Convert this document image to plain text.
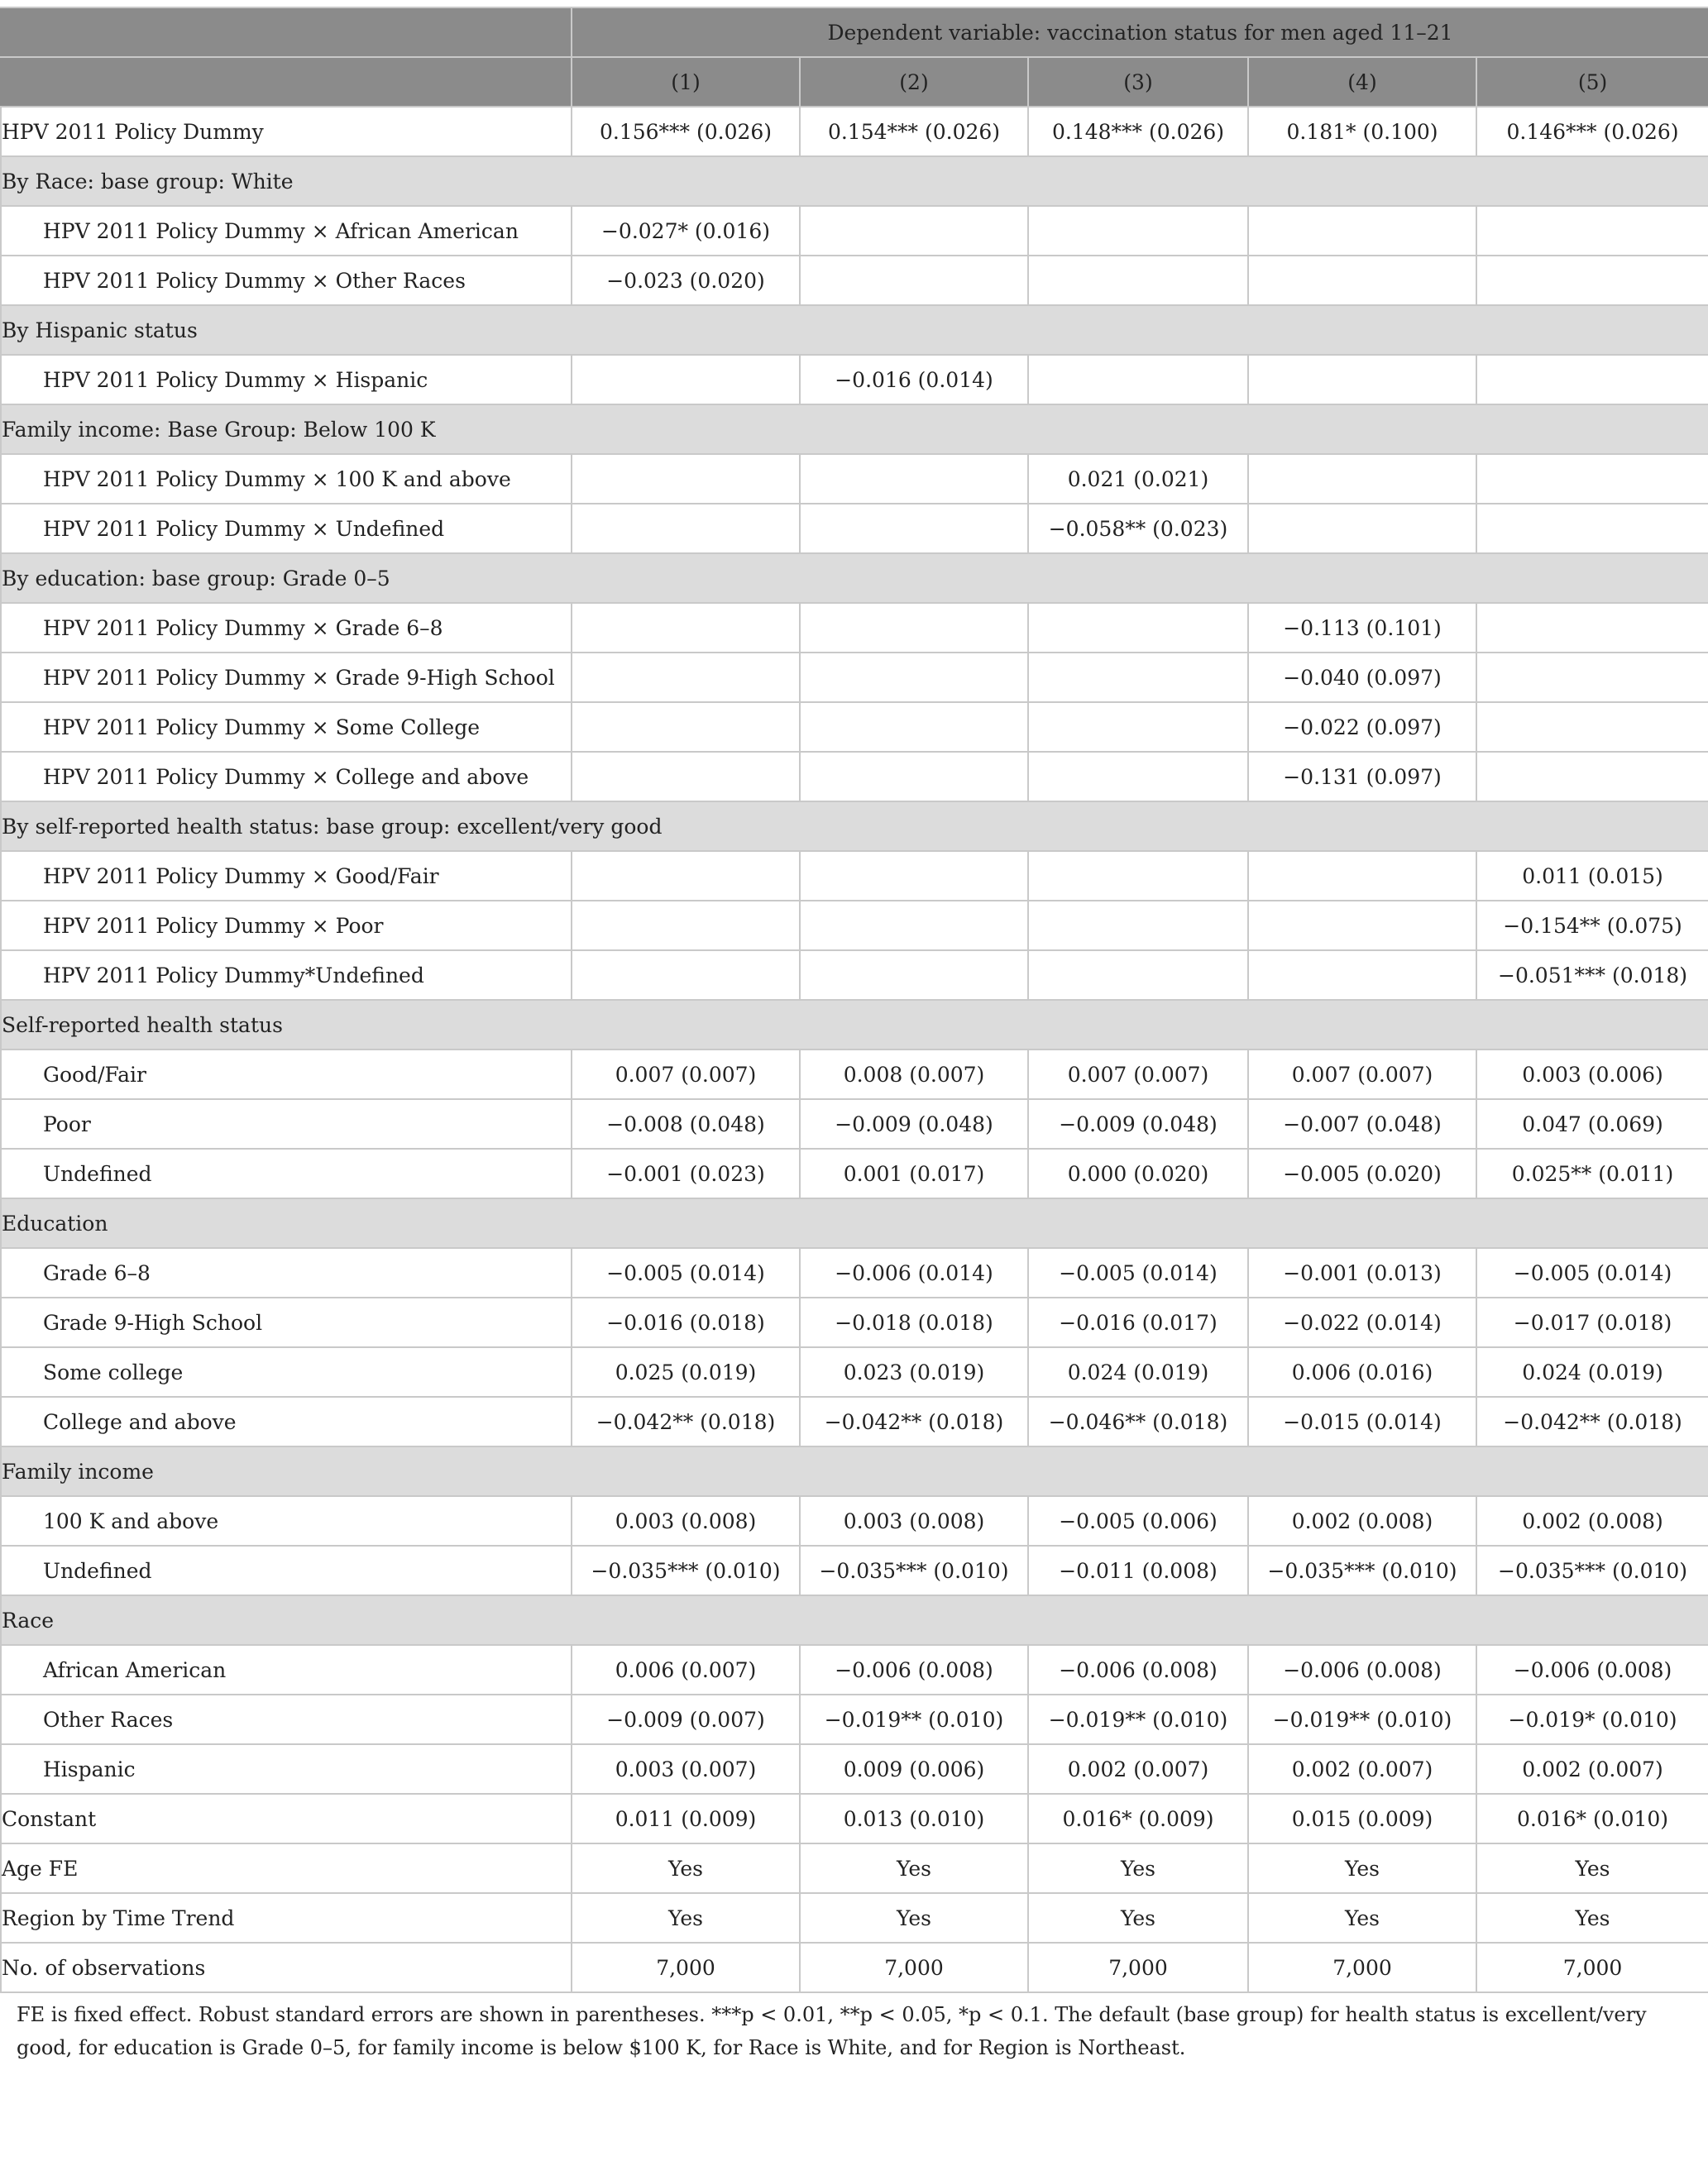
	Dependent variable: vaccination status for men aged 11–21				
	(1)	(2)	(3)	(4)	(5)
HPV 2011 Policy Dummy	0.156*** (0.026)	0.154*** (0.026)	0.148*** (0.026)	0.181* (0.100)	0.146*** (0.026)
By Race: base group: White					
HPV 2011 Policy Dummy × African American	−0.027* (0.016)				
HPV 2011 Policy Dummy × Other Races	−0.023 (0.020)				
By Hispanic status					
HPV 2011 Policy Dummy × Hispanic		−0.016 (0.014)			
Family income: Base Group: Below 100 K					
HPV 2011 Policy Dummy × 100 K and above			0.021 (0.021)		
HPV 2011 Policy Dummy × Undefined			−0.058** (0.023)		
By education: base group: Grade 0–5					
HPV 2011 Policy Dummy × Grade 6–8				−0.113 (0.101)	
HPV 2011 Policy Dummy × Grade 9-High School				−0.040 (0.097)	
HPV 2011 Policy Dummy × Some College				−0.022 (0.097)	
HPV 2011 Policy Dummy × College and above				−0.131 (0.097)	
By self-reported health status: base group: excellent/very good					
HPV 2011 Policy Dummy × Good/Fair					0.011 (0.015)
HPV 2011 Policy Dummy × Poor					−0.154** (0.075)
HPV 2011 Policy Dummy*Undefined					−0.051*** (0.018)
Self-reported health status					
Good/Fair	0.007 (0.007)	0.008 (0.007)	0.007 (0.007)	0.007 (0.007)	0.003 (0.006)
Poor	−0.008 (0.048)	−0.009 (0.048)	−0.009 (0.048)	−0.007 (0.048)	0.047 (0.069)
Undefined	−0.001 (0.023)	0.001 (0.017)	0.000 (0.020)	−0.005 (0.020)	0.025** (0.011)
Education					
Grade 6–8	−0.005 (0.014)	−0.006 (0.014)	−0.005 (0.014)	−0.001 (0.013)	−0.005 (0.014)
Grade 9-High School	−0.016 (0.018)	−0.018 (0.018)	−0.016 (0.017)	−0.022 (0.014)	−0.017 (0.018)
Some college	0.025 (0.019)	0.023 (0.019)	0.024 (0.019)	0.006 (0.016)	0.024 (0.019)
College and above	−0.042** (0.018)	−0.042** (0.018)	−0.046** (0.018)	−0.015 (0.014)	−0.042** (0.018)
Family income					
100 K and above	0.003 (0.008)	0.003 (0.008)	−0.005 (0.006)	0.002 (0.008)	0.002 (0.008)
Undefined	−0.035*** (0.010)	−0.035*** (0.010)	−0.011 (0.008)	−0.035*** (0.010)	−0.035*** (0.010)
Race					
African American	0.006 (0.007)	−0.006 (0.008)	−0.006 (0.008)	−0.006 (0.008)	−0.006 (0.008)
Other Races	−0.009 (0.007)	−0.019** (0.010)	−0.019** (0.010)	−0.019** (0.010)	−0.019* (0.010)
Hispanic	0.003 (0.007)	0.009 (0.006)	0.002 (0.007)	0.002 (0.007)	0.002 (0.007)
Constant	0.011 (0.009)	0.013 (0.010)	0.016* (0.009)	0.015 (0.009)	0.016* (0.010)
Age FE	Yes	Yes	Yes	Yes	Yes
Region by Time Trend	Yes	Yes	Yes	Yes	Yes
No. of observations	7,000	7,000	7,000	7,000	7,000
FE is fixed effect. Robust standard errors are shown in parentheses. ***p < 0.01, **p < 0.05, *p < 0.1. The default (base group) for health status is excellent/very good, for education is Grade 0–5, for family income is below $100 K, for Race is White, and for Region is Northeast.
